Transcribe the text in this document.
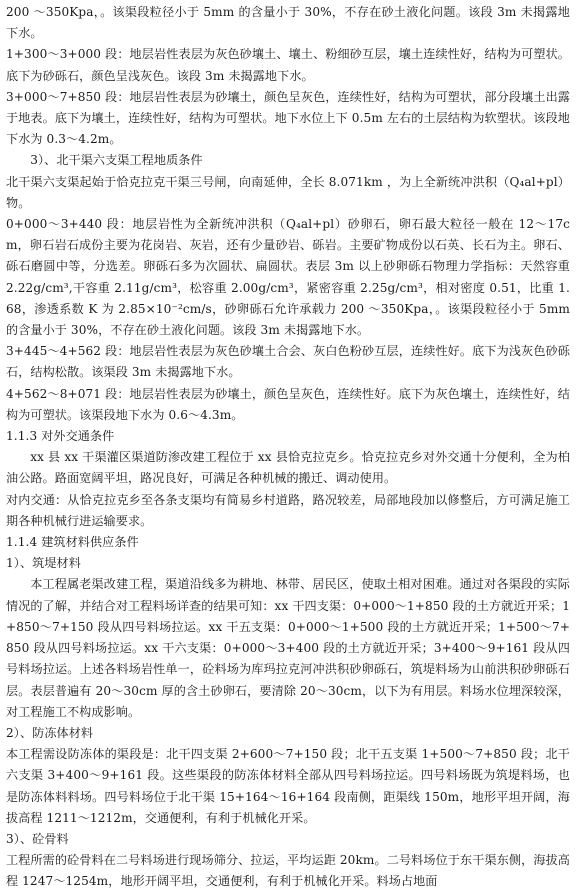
200 ～350Kpa，。该渠段粒径小于 5mm 的含量小于 30%，不存在砂土液化问题。该段 3m 未揭露地下水。

1+300～3+000 段：地层岩性表层为灰色砂壤土、壤土、粉细砂互层，壤土连续性好，结构为可塑状。底下为砂砾石，颜色呈浅灰色。该段 3m 未揭露地下水。

3+000～7+850 段：地层岩性表层为砂壤土，颜色呈灰色，连续性好，结构为可塑状，部分段壤土出露于地表。底下为壤土，连续性好，结构为可塑状。地下水位上下 0.5m 左右的土层结构为软塑状。该段地下水为 0.3～4.2m。

3）、北干渠六支渠工程地质条件

北干渠六支渠起始于恰克拉克干渠三号闸，向南延伸，全长 8.071km ，为上全新统冲洪积（Q₄al+pl）物。

0+000～3+440 段：地层岩性为全新统冲洪积（Q₄al+pl）砂卵石，卵石最大粒径一般在 12～17cm，卵石岩石成份主要为花岗岩、灰岩，还有少量砂岩、砾岩。主要矿物成份以石英、长石为主。卵石、砾石磨圆中等，分选差。卵砾石多为次圆状、扁圆状。表层 3m 以上砂卵砾石物理力学指标：天然容重 2.22g/cm³,干容重 2.11g/cm³，松容重 2.00g/cm³，紧密容重 2.25g/cm³，相对密度 0.51，比重 1.68，渗透系数 K 为 2.85×10⁻²cm/s，砂卵砾石允许承载力 200 ～350Kpa，。该渠段粒径小于 5mm 的含量小于 30%，不存在砂土液化问题。该段 3m 未揭露地下水。

3+445～4+562 段：地层岩性表层为灰色砂壤土合会、灰白色粉砂互层，连续性好。底下为浅灰色砂砾石，结构松散。该渠段 3m 未揭露地下水。

4+562～8+071 段：地层岩性表层为砂壤土，颜色呈灰色，连续性好。底下为灰色壤土，连续性好，结构为可塑状。该渠段地下水为 0.6～4.3m。

1.1.3 对外交通条件

xx 县 xx 干渠灌区渠道防渗改建工程位于 xx 县恰克拉克乡。恰克拉克乡对外交通十分便利，全为柏油公路。路面宽阔平坦，路况良好，可满足各种机械的搬迁、调动使用。

对内交通：从恰克拉克乡至各条支渠均有简易乡村道路，路况较差，局部地段加以修整后，方可满足施工期各种机械行进运输要求。

1.1.4 建筑材料供应条件

1）、筑堤材料

本工程属老渠改建工程，渠道沿线多为耕地、林带、居民区，使取土相对困难。通过对各渠段的实际情况的了解，并结合对工程料场详查的结果可知：xx 干四支渠：0+000～1+850 段的土方就近开采；1+850～7+150 段从四号料场拉运。xx 干五支渠：0+000～1+500 段的土方就近开采；1+500～7+850 段从四号料场拉运。xx 干六支渠：0+000～3+400 段的土方就近开采；3+400～9+161 段从四号料场拉运。上述各料场岩性单一，砼料场为库玛拉克河冲洪积砂卵砾石，筑堤料场为山前洪积砂卵砾石层。表层普遍有 20～30cm 厚的含土砂卵石，要清除 20～30cm，以下为有用层。料场水位埋深较深，对工程施工不构成影响。

2）、防冻体材料

本工程需设防冻体的渠段是：北干四支渠 2+600～7+150 段；北干五支渠 1+500～7+850 段；北干六支渠 3+400～9+161 段。这些渠段的防冻体材料全部从四号料场拉运。四号料场既为筑堤料场，也是防冻体料料场。四号料场位于北干渠 15+164～16+164 段南侧，距渠线 150m，地形平坦开阔，海拔高程 1211～1212m，交通便利，有利于机械化开采。

3）、砼骨料

工程所需的砼骨料在二号料场进行现场筛分、拉运，平均运距 20km。二号料场位于东干渠东侧，海拔高程 1247～1254m，地形开阔平坦，交通便利，有利于机械化开采。料场占地面
